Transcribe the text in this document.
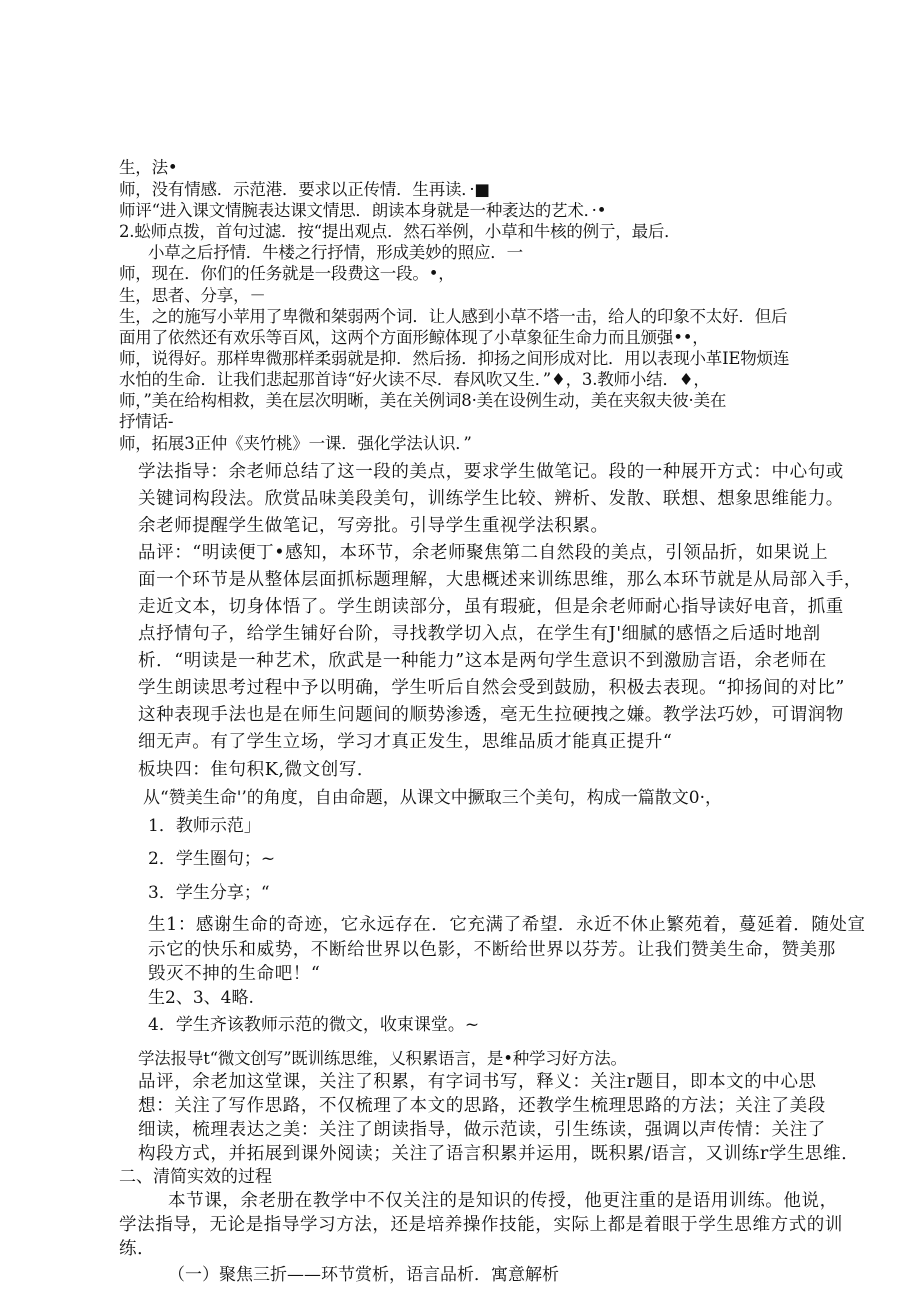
生，法•
师，没有情感．示范港．要求以正传情．生再读．·■
师评“进入课文情腕表达课文情思．朗读本身就是一种袤达的艺术．·•
2.蚣师点拨，首句过滤．按“提出观点．然石举例，小草和牛核的例亍，最后．
小草之后抒情．牛楼之行抒情，形成美妙的照应．一
师，现在．你们的任务就是一段费这一段。•，
生，思者、分享，－
生，之的施写小苹用了卑微和桀弱两个词．让人感到小草不塔一击，给人的印象不太好．但后
面用了依然还有欢乐等百风，这两个方面形鲸体现了小草象征生命力而且颁强••，
师，说得好。那样卑微那样柔弱就是抑．然后扬．抑扬之间形成对比．用以表现小革IE物烦连
水怕的生命．让我们悲起那首诗“好火读不尽．春风吹又生．”♦，3.教师小结．♦，
师，”美在给构相救，美在层次明晰，美在关例词8·美在设例生动，美在夹叙夫彼·美在
抒情话-
师，拓展3正仲《夹竹桃》一课．强化学法认识．”
学法指导：余老师总结了这一段的美点，要求学生做笔记。段的一种展开方式：中心句或
关键词构段法。欣赏品味美段美句，训练学生比较、辨析、发散、联想、想象思维能力。
余老师提醒学生做笔记，写旁批。引导学生重视学法积累。
品评：“明读便丁•感知，本环节，余老师聚焦第二自然段的美点，引领品折，如果说上
面一个环节是从整体层面抓标题理解，大患概述来训练思维，那么本环节就是从局部入手，
走近文本，切身体悟了。学生朗读部分，虽有瑕疵，但是余老师耐心指导读好电音，抓重
点抒情句子，给学生铺好台阶，寻找教学切入点，在学生有J'细腻的感悟之后适时地剖
析．“明读是一种艺术，欣武是一种能力”这本是两句学生意识不到激励言语，余老师在
学生朗读思考过程中予以明确，学生听后自然会受到鼓励，积极去表现。“抑扬间的对比”
这种表现手法也是在师生问题间的顺势渗透，亳无生拉硬拽之嫌。教学法巧妙，可谓润物
细无声。有了学生立场，学习才真正发生，思维品质才能真正提升“
板块四：隹句积K,微文创写．
从“赞美生命'’的角度，自由命题，从课文中撅取三个美句，构成一篇散文0·，
1．教师示范」
2．学生圈句；~
3．学生分享；“
生1：感谢生命的奇迹，它永远存在．它充满了希望．永近不休止繁苑着，蔓延着．随处宣
示它的快乐和威势，不断给世界以色影，不断给世界以芬芳。让我们赞美生命，赞美那
毁灭不抻的生命吧！“
生2、3、4略.
4．学生齐该教师示范的微文，收束课堂。~
学法报导t“微文创写”既训练思维，乂积累语言，是•种学习好方法。
品评，余老加这堂课，关注了积累，有字词书写，释义：关注r题目，即本文的中心思
想：关注了写作思路，不仅梳理了本文的思路，还教学生梳理思路的方法；关注了美段
细读，梳理表达之美：关注了朗读指导，做示范读，引生练读，强调以声传情：关注了
构段方式，并拓展到课外阅读；关注了语言积累并运用，既积累/语言，又训练r学生思维．
二、清简实效的过程
本节课，余老册在教学中不仅关注的是知识的传授，他更注重的是语用训练。他说，
学法指导，无论是指导学习方法，还是培养操作技能，实际上都是着眼于学生思维方式的训
练．
（一）聚焦三折——环节赏析，语言品析．寓意解析
